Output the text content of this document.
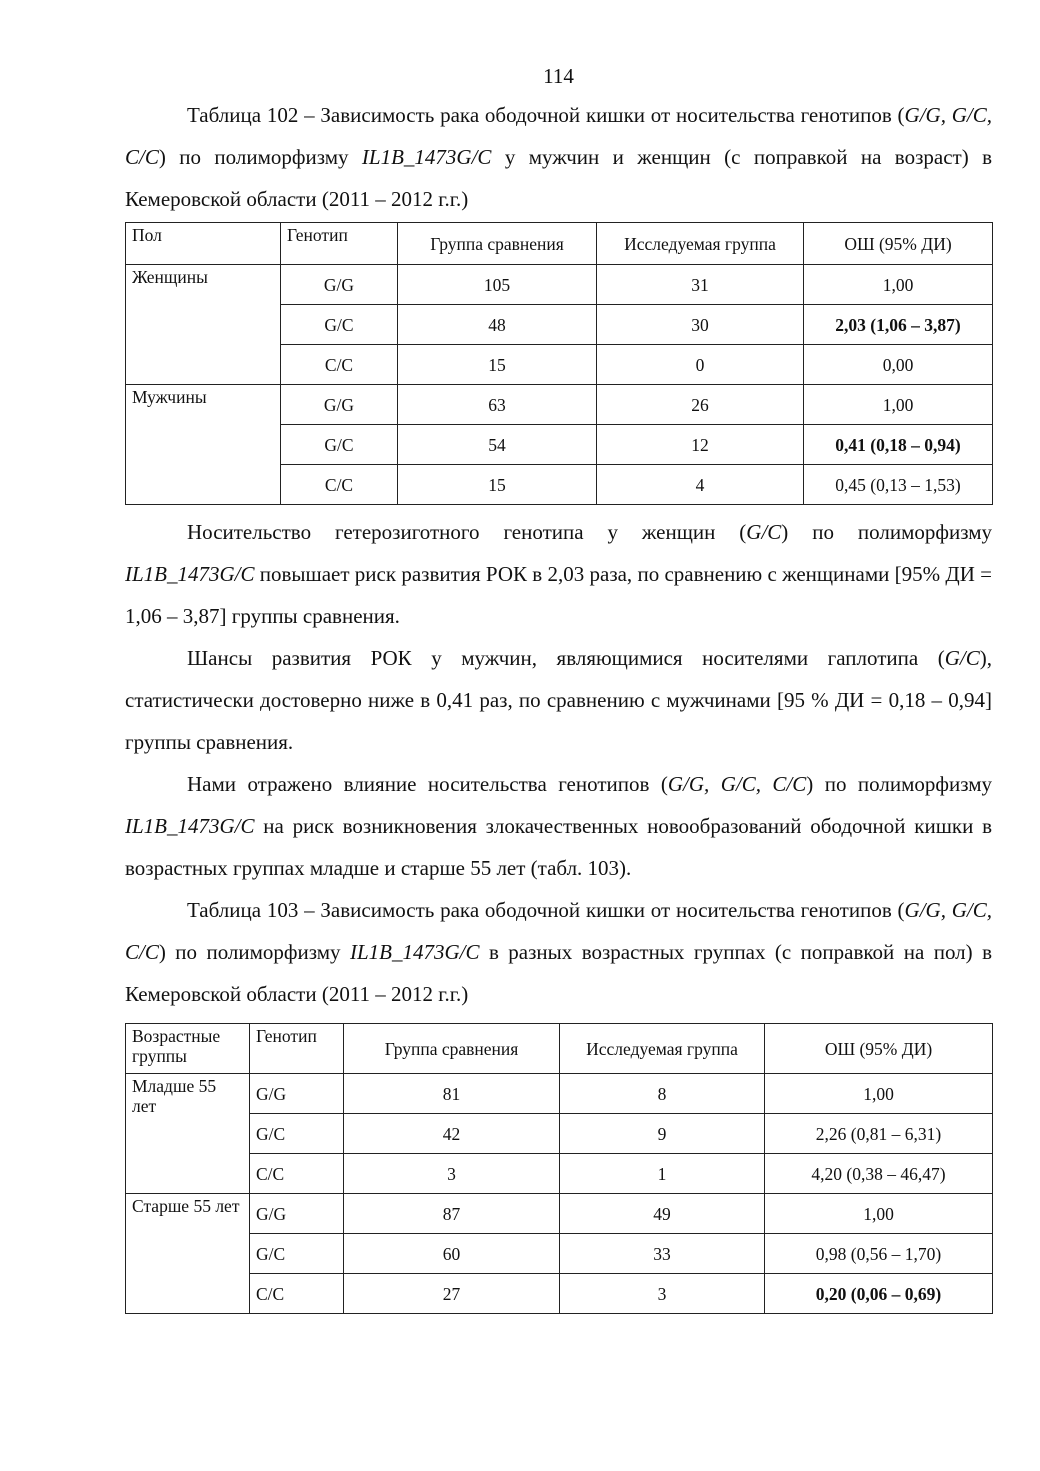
114

Таблица 102 – Зависимость рака ободочной кишки от носительства генотипов (G/G, G/C, C/C) по полиморфизму IL1B_1473G/C у мужчин и женщин (с поправкой на возраст) в Кемеровской области (2011 – 2012 г.г.)

Пол	Генотип	Группа сравнения	Исследуемая группа	ОШ (95% ДИ)
Женщины	G/G	105	31	1,00
	G/C	48	30	2,03 (1,06 – 3,87)
	C/C	15	0	0,00
Мужчины	G/G	63	26	1,00
	G/C	54	12	0,41 (0,18 – 0,94)
	C/C	15	4	0,45 (0,13 – 1,53)

Носительство гетерозиготного генотипа у женщин (G/C) по полиморфизму IL1B_1473G/C повышает риск развития РОК в 2,03 раза, по сравнению с женщинами [95% ДИ = 1,06 – 3,87] группы сравнения.

Шансы развития РОК у мужчин, являющимися носителями гаплотипа (G/C), статистически достоверно ниже в 0,41 раз, по сравнению с мужчинами [95 % ДИ = 0,18 – 0,94] группы сравнения.

Нами отражено влияние носительства генотипов (G/G, G/C, C/C) по полиморфизму IL1B_1473G/C на риск возникновения злокачественных новообразований ободочной кишки в возрастных группах младше и старше 55 лет (табл. 103).

Таблица 103 – Зависимость рака ободочной кишки от носительства генотипов (G/G, G/C, C/C) по полиморфизму IL1B_1473G/C в разных возрастных группах (с поправкой на пол) в Кемеровской области (2011 – 2012 г.г.)

Возрастные группы	Генотип	Группа сравнения	Исследуемая группа	ОШ (95% ДИ)
Младше 55 лет	G/G	81	8	1,00
	G/C	42	9	2,26 (0,81 – 6,31)
	C/C	3	1	4,20 (0,38 – 46,47)
Старше 55 лет	G/G	87	49	1,00
	G/C	60	33	0,98 (0,56 – 1,70)
	C/C	27	3	0,20 (0,06 – 0,69)
